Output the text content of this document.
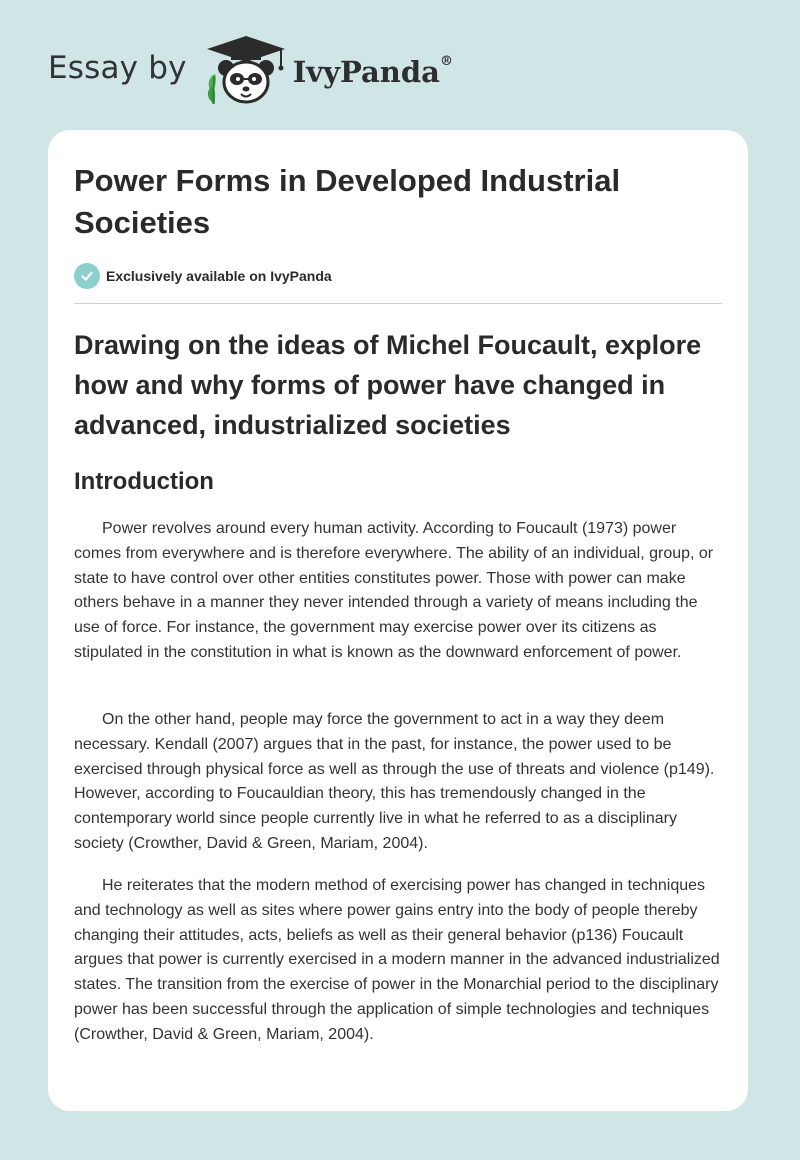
Essay by	IvyPanda®
Power Forms in Developed Industrial Societies
Exclusively available on IvyPanda
Drawing on the ideas of Michel Foucault, explore how and why forms of power have changed in advanced, industrialized societies
Introduction

Power revolves around every human activity. According to Foucault (1973) power comes from everywhere and is therefore everywhere. The ability of an individual, group, or state to have control over other entities constitutes power. Those with power can make others behave in a manner they never intended through a variety of means including the use of force. For instance, the government may exercise power over its citizens as stipulated in the constitution in what is known as the downward enforcement of power.

On the other hand, people may force the government to act in a way they deem necessary. Kendall (2007) argues that in the past, for instance, the power used to be exercised through physical force as well as through the use of threats and violence (p149). However, according to Foucauldian theory, this has tremendously changed in the contemporary world since people currently live in what he referred to as a disciplinary society (Crowther, David & Green, Mariam, 2004).

He reiterates that the modern method of exercising power has changed in techniques and technology as well as sites where power gains entry into the body of people thereby changing their attitudes, acts, beliefs as well as their general behavior (p136) Foucault argues that power is currently exercised in a modern manner in the advanced industrialized states. The transition from the exercise of power in the Monarchial period to the disciplinary power has been successful through the application of simple technologies and techniques (Crowther, David & Green, Mariam, 2004).
